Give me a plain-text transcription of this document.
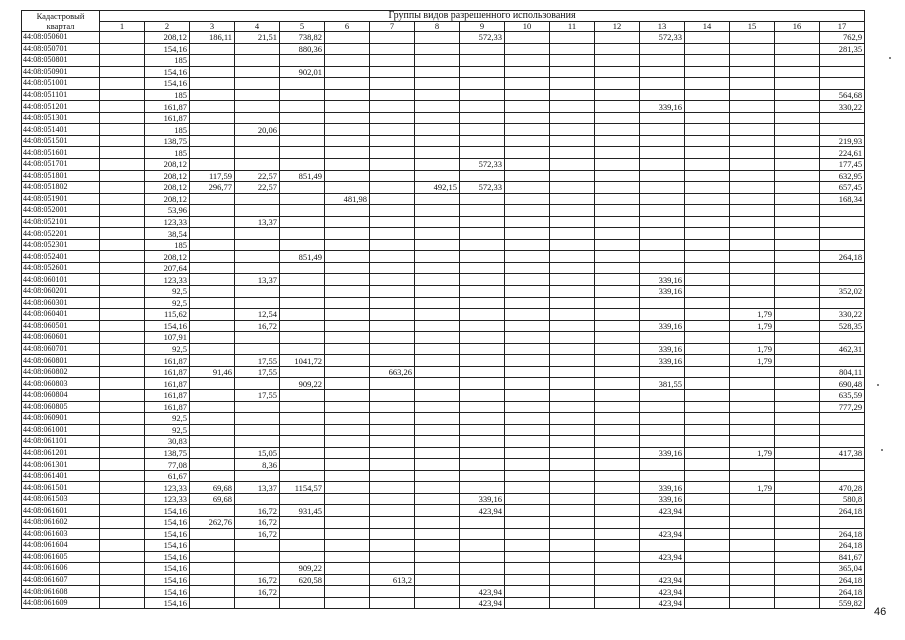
Кадастровый квартал	Группы видов разрешенного использования																
	1	2	3	4	5	6	7	8	9	10	11	12	13	14	15	16	17
44:08:050601		208,12	186,11	21,51	738,82				572,33				572,33				762,9
44:08:050701		154,16			880,36												281,35
44:08:050801		185															
44:08:050901		154,16			902,01												
44:08:051001		154,16															
44:08:051101		185															564,68
44:08:051201		161,87											339,16				330,22
44:08:051301		161,87															
44:08:051401		185		20,06													
44:08:051501		138,75															219,93
44:08:051601		185															224,61
44:08:051701		208,12							572,33								177,45
44:08:051801		208,12	117,59	22,57	851,49												632,95
44:08:051802		208,12	296,77	22,57				492,15	572,33								657,45
44:08:051901		208,12				481,98											168,34
44:08:052001		53,96															
44:08:052101		123,33		13,37													
44:08:052201		38,54															
44:08:052301		185															
44:08:052401		208,12			851,49												264,18
44:08:052601		207,64															
44:08:060101		123,33		13,37									339,16				
44:08:060201		92,5											339,16				352,02
44:08:060301		92,5															
44:08:060401		115,62		12,54											1,79		330,22
44:08:060501		154,16		16,72									339,16		1,79		528,35
44:08:060601		107,91															
44:08:060701		92,5											339,16		1,79		462,31
44:08:060801		161,87		17,55	1041,72								339,16		1,79		
44:08:060802		161,87	91,46	17,55			663,26										804,11
44:08:060803		161,87			909,22								381,55				690,48
44:08:060804		161,87		17,55													635,59
44:08:060805		161,87															777,29
44:08:060901		92,5															
44:08:061001		92,5															
44:08:061101		30,83															
44:08:061201		138,75		15,05									339,16		1,79		417,38
44:08:061301		77,08		8,36													
44:08:061401		61,67															
44:08:061501		123,33	69,68	13,37	1154,57								339,16		1,79		470,28
44:08:061503		123,33	69,68						339,16				339,16				580,8
44:08:061601		154,16		16,72	931,45				423,94				423,94				264,18
44:08:061602		154,16	262,76	16,72													
44:08:061603		154,16		16,72									423,94				264,18
44:08:061604		154,16															264,18
44:08:061605		154,16											423,94				841,67
44:08:061606		154,16			909,22												365,04
44:08:061607		154,16		16,72	620,58		613,2						423,94				264,18
44:08:061608		154,16		16,72					423,94				423,94				264,18
44:08:061609		154,16							423,94				423,94				559,82
46
